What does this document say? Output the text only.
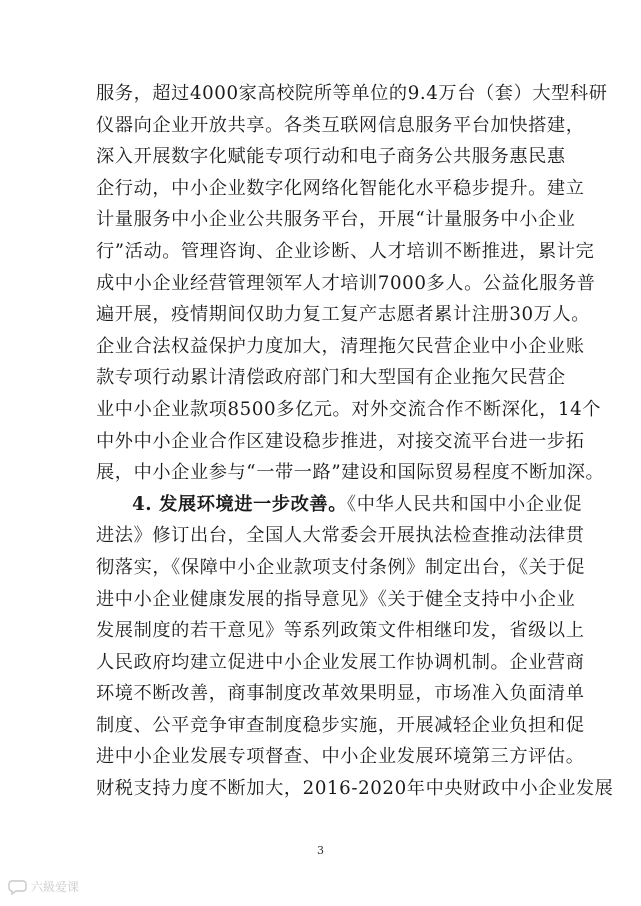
服务，超过4000家高校院所等单位的9.4万台（套）大型科研
仪器向企业开放共享。各类互联网信息服务平台加快搭建，
深入开展数字化赋能专项行动和电子商务公共服务惠民惠
企行动，中小企业数字化网络化智能化水平稳步提升。建立
计量服务中小企业公共服务平台，开展“计量服务中小企业
行”活动。管理咨询、企业诊断、人才培训不断推进，累计完
成中小企业经营管理领军人才培训7000多人。公益化服务普
遍开展，疫情期间仅助力复工复产志愿者累计注册30万人。
企业合法权益保护力度加大，清理拖欠民营企业中小企业账
款专项行动累计清偿政府部门和大型国有企业拖欠民营企
业中小企业款项8500多亿元。对外交流合作不断深化，14个
中外中小企业合作区建设稳步推进，对接交流平台进一步拓
展，中小企业参与“一带一路”建设和国际贸易程度不断加深。
4. 发展环境进一步改善。《中华人民共和国中小企业促
进法》修订出台，全国人大常委会开展执法检查推动法律贯
彻落实，《保障中小企业款项支付条例》制定出台，《关于促
进中小企业健康发展的指导意见》《关于健全支持中小企业
发展制度的若干意见》等系列政策文件相继印发，省级以上
人民政府均建立促进中小企业发展工作协调机制。企业营商
环境不断改善，商事制度改革效果明显，市场准入负面清单
制度、公平竞争审查制度稳步实施，开展减轻企业负担和促
进中小企业发展专项督查、中小企业发展环境第三方评估。
财税支持力度不断加大，2016-2020年中央财政中小企业发展
3
六級爱课
